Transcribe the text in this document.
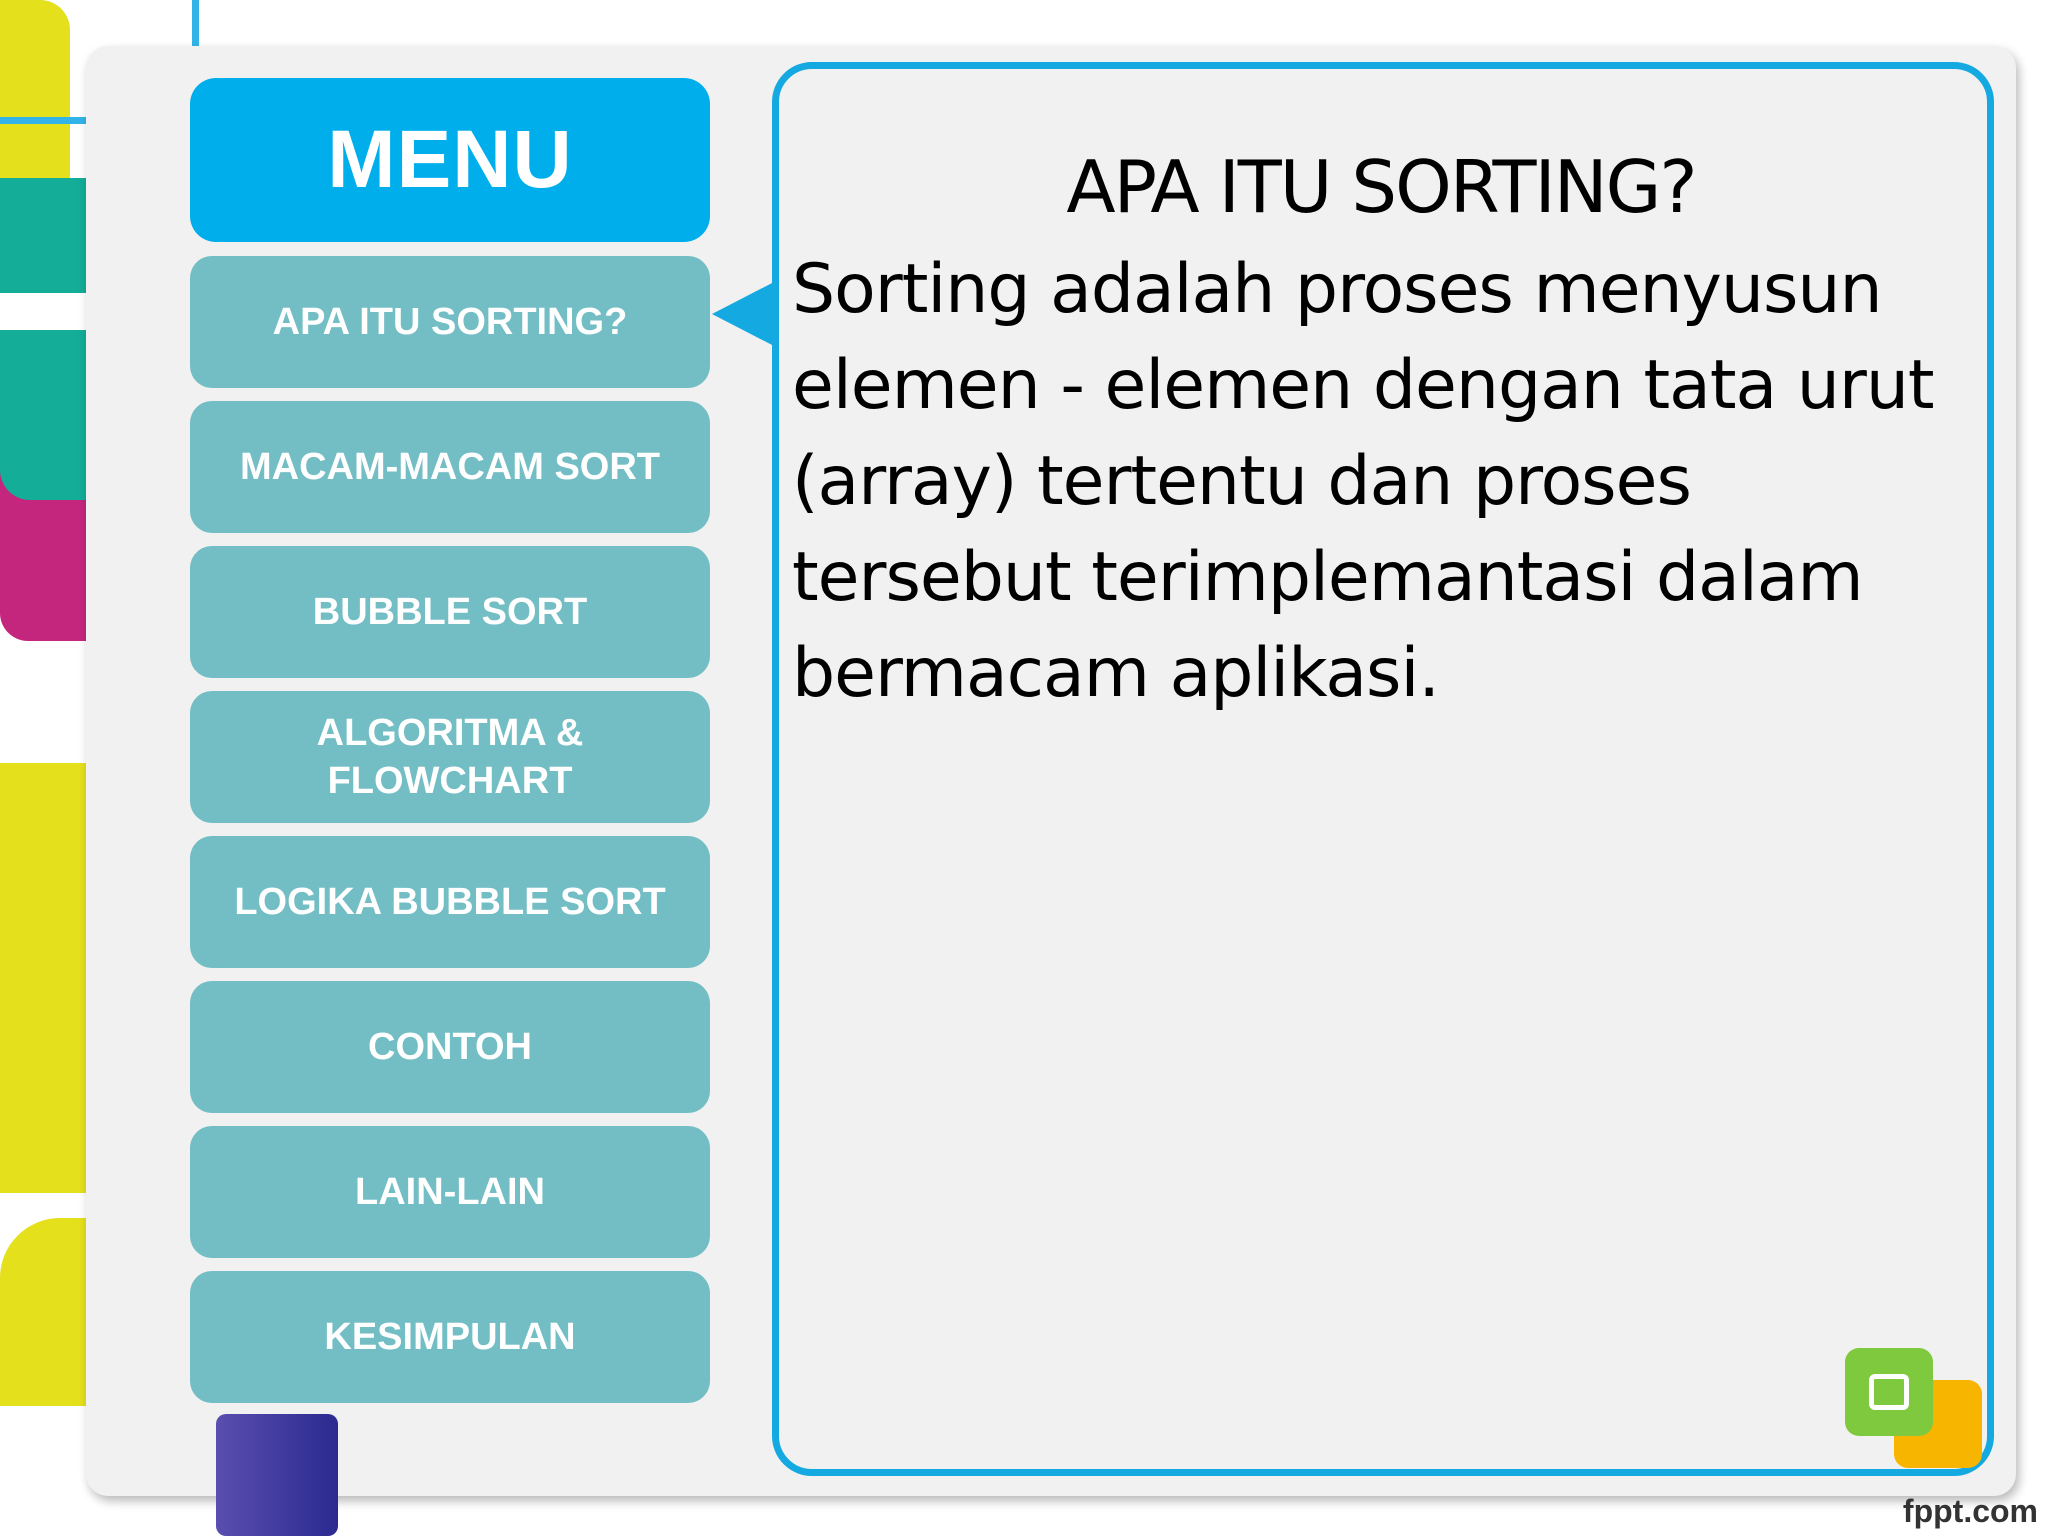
MENU
APA ITU SORTING?
MACAM-MACAM SORT
BUBBLE SORT
ALGORITMA & FLOWCHART
LOGIKA BUBBLE SORT
CONTOH
LAIN-LAIN
KESIMPULAN
APA ITU SORTING?
Sorting adalah proses menyusun elemen - elemen dengan tata urut (array) tertentu dan proses tersebut terimplemantasi dalam bermacam aplikasi.
fppt.com
